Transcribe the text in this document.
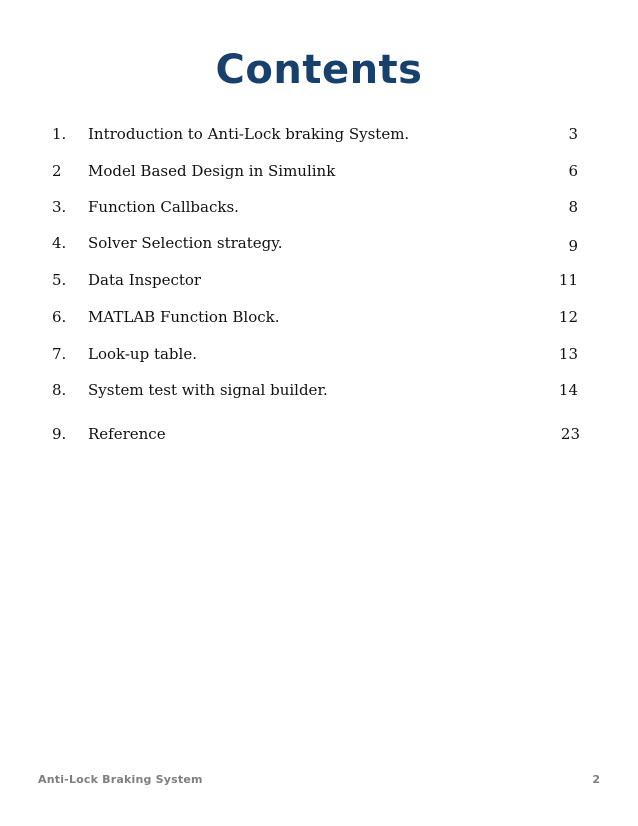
Contents
1.	Introduction to Anti-Lock braking System.	3
2	Model Based Design in Simulink	6
3.	Function Callbacks.	8
4.	Solver Selection strategy.	9
5.	Data Inspector	11
6.	MATLAB Function Block.	12
7.	Look-up table.	13
8.	System test with signal builder.	14
9.	Reference	23
Anti-Lock Braking System	2
